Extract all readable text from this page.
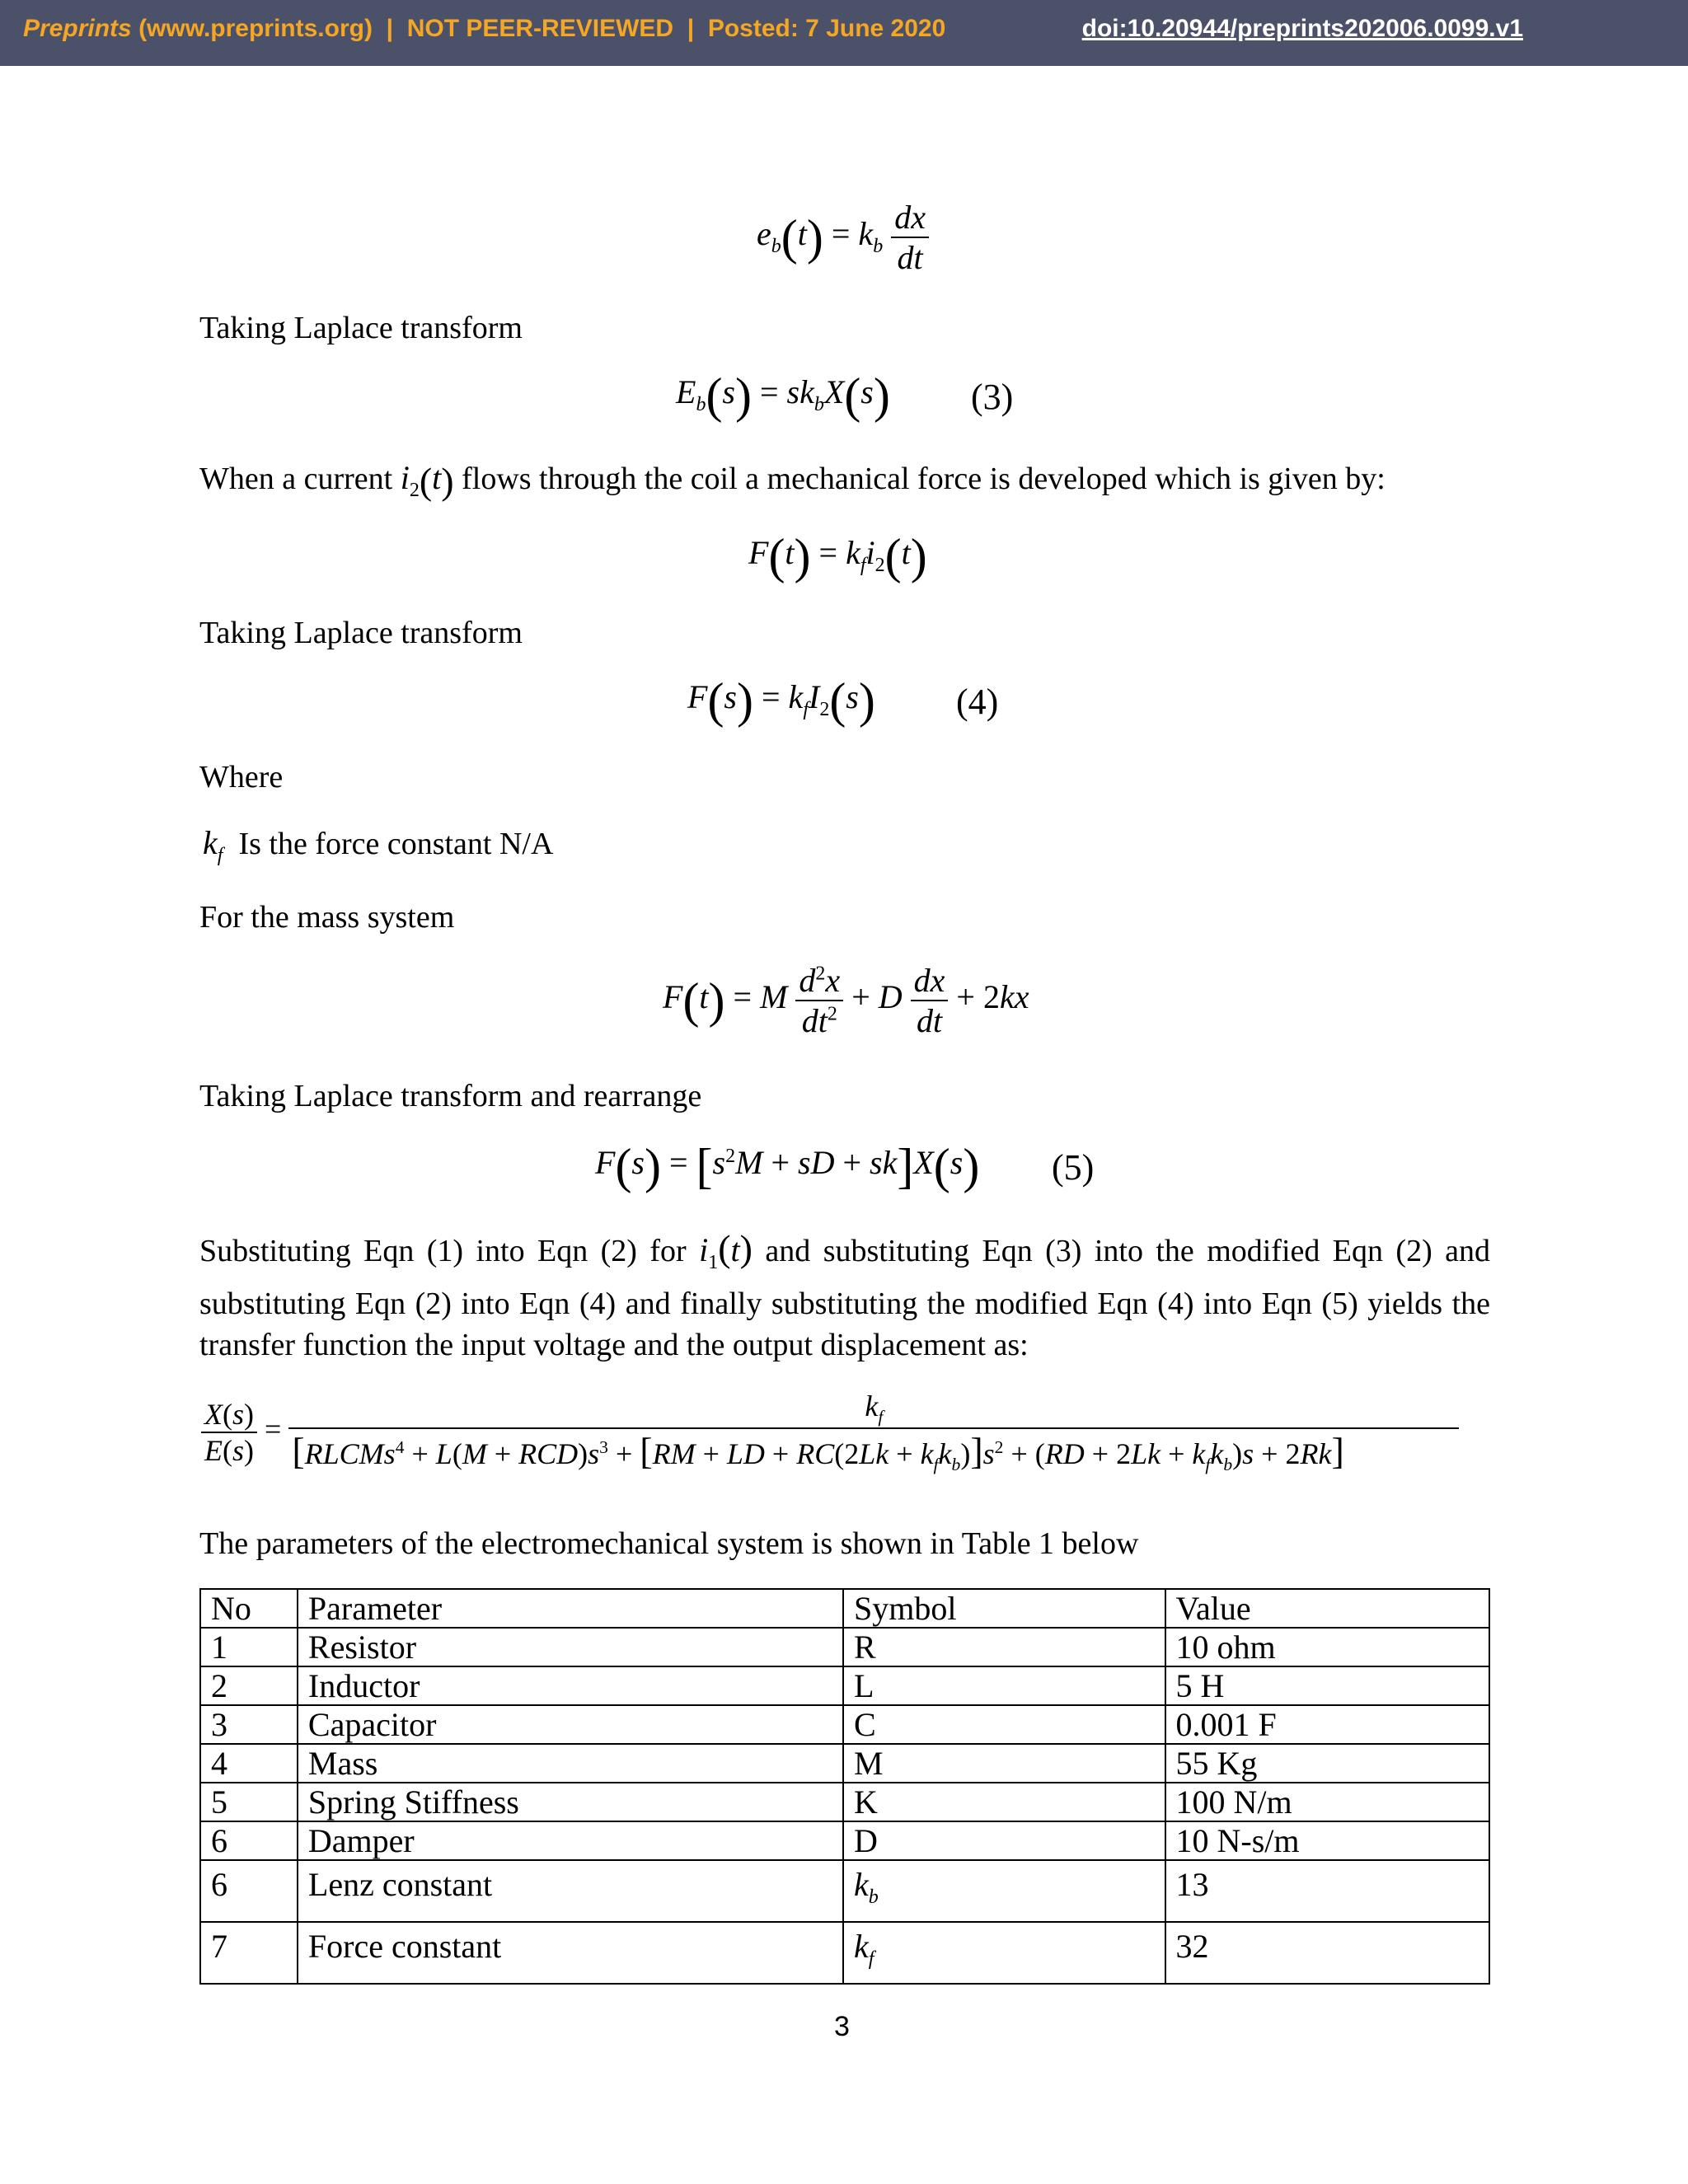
Preprints (www.preprints.org) | NOT PEER-REVIEWED | Posted: 7 June 2020	doi:10.20944/preprints202006.0099.v1
$e_b(t) = k_b \frac{dx}{dt}$
Taking Laplace transform
$E_b(s) = sk_bX(s)$ (3)
When a current $i_2(t)$ flows through the coil a mechanical force is developed which is given by:
$F(t) = k_fi_2(t)$
Taking Laplace transform
$F(s) = k_fI_2(s)$ (4)
Where
$k_f$ Is the force constant N/A
For the mass system
F(t) = M $\frac{d^2x}{dt^2} + D \frac{dx}{dt} + 2kx$
Taking Laplace transform and rearrange
$F(s) = [s^2M$ + sD + sk]X(s) (5)
Substituting Eqn (1) into Eqn (2) for $i_1(t)$ and substituting Eqn (3) into the modified Eqn (2) and substituting Eqn (2) into Eqn (4) and finally substituting the modified Eqn (4) into Eqn (5) yields the transfer function the input voltage and the output displacement as:
$\frac{X(s)}{E(s)}$ =
$k_f$
[RLCMs$^4$ + $L(M + RCD)s^3 + [RM$ + LD + $RC(2Lk + k_fk_b)]s^2 + (RD + 2Lk + k_fk_b)s + 2Rk$]
The parameters of the electromechanical system is shown in Table 1 below
No	Parameter	Symbol	Value
1	Resistor	R	10 ohm
2	Inductor	L	5 H
3	Capacitor	C	0.001 F
4	Mass	M	55 Kg
5	Spring Stiffness	K	100 N/m
6	Damper	D	10 N-s/m
6	Lenz constant	$k_b$	13
7	Force constant	$k_f$	32
3
